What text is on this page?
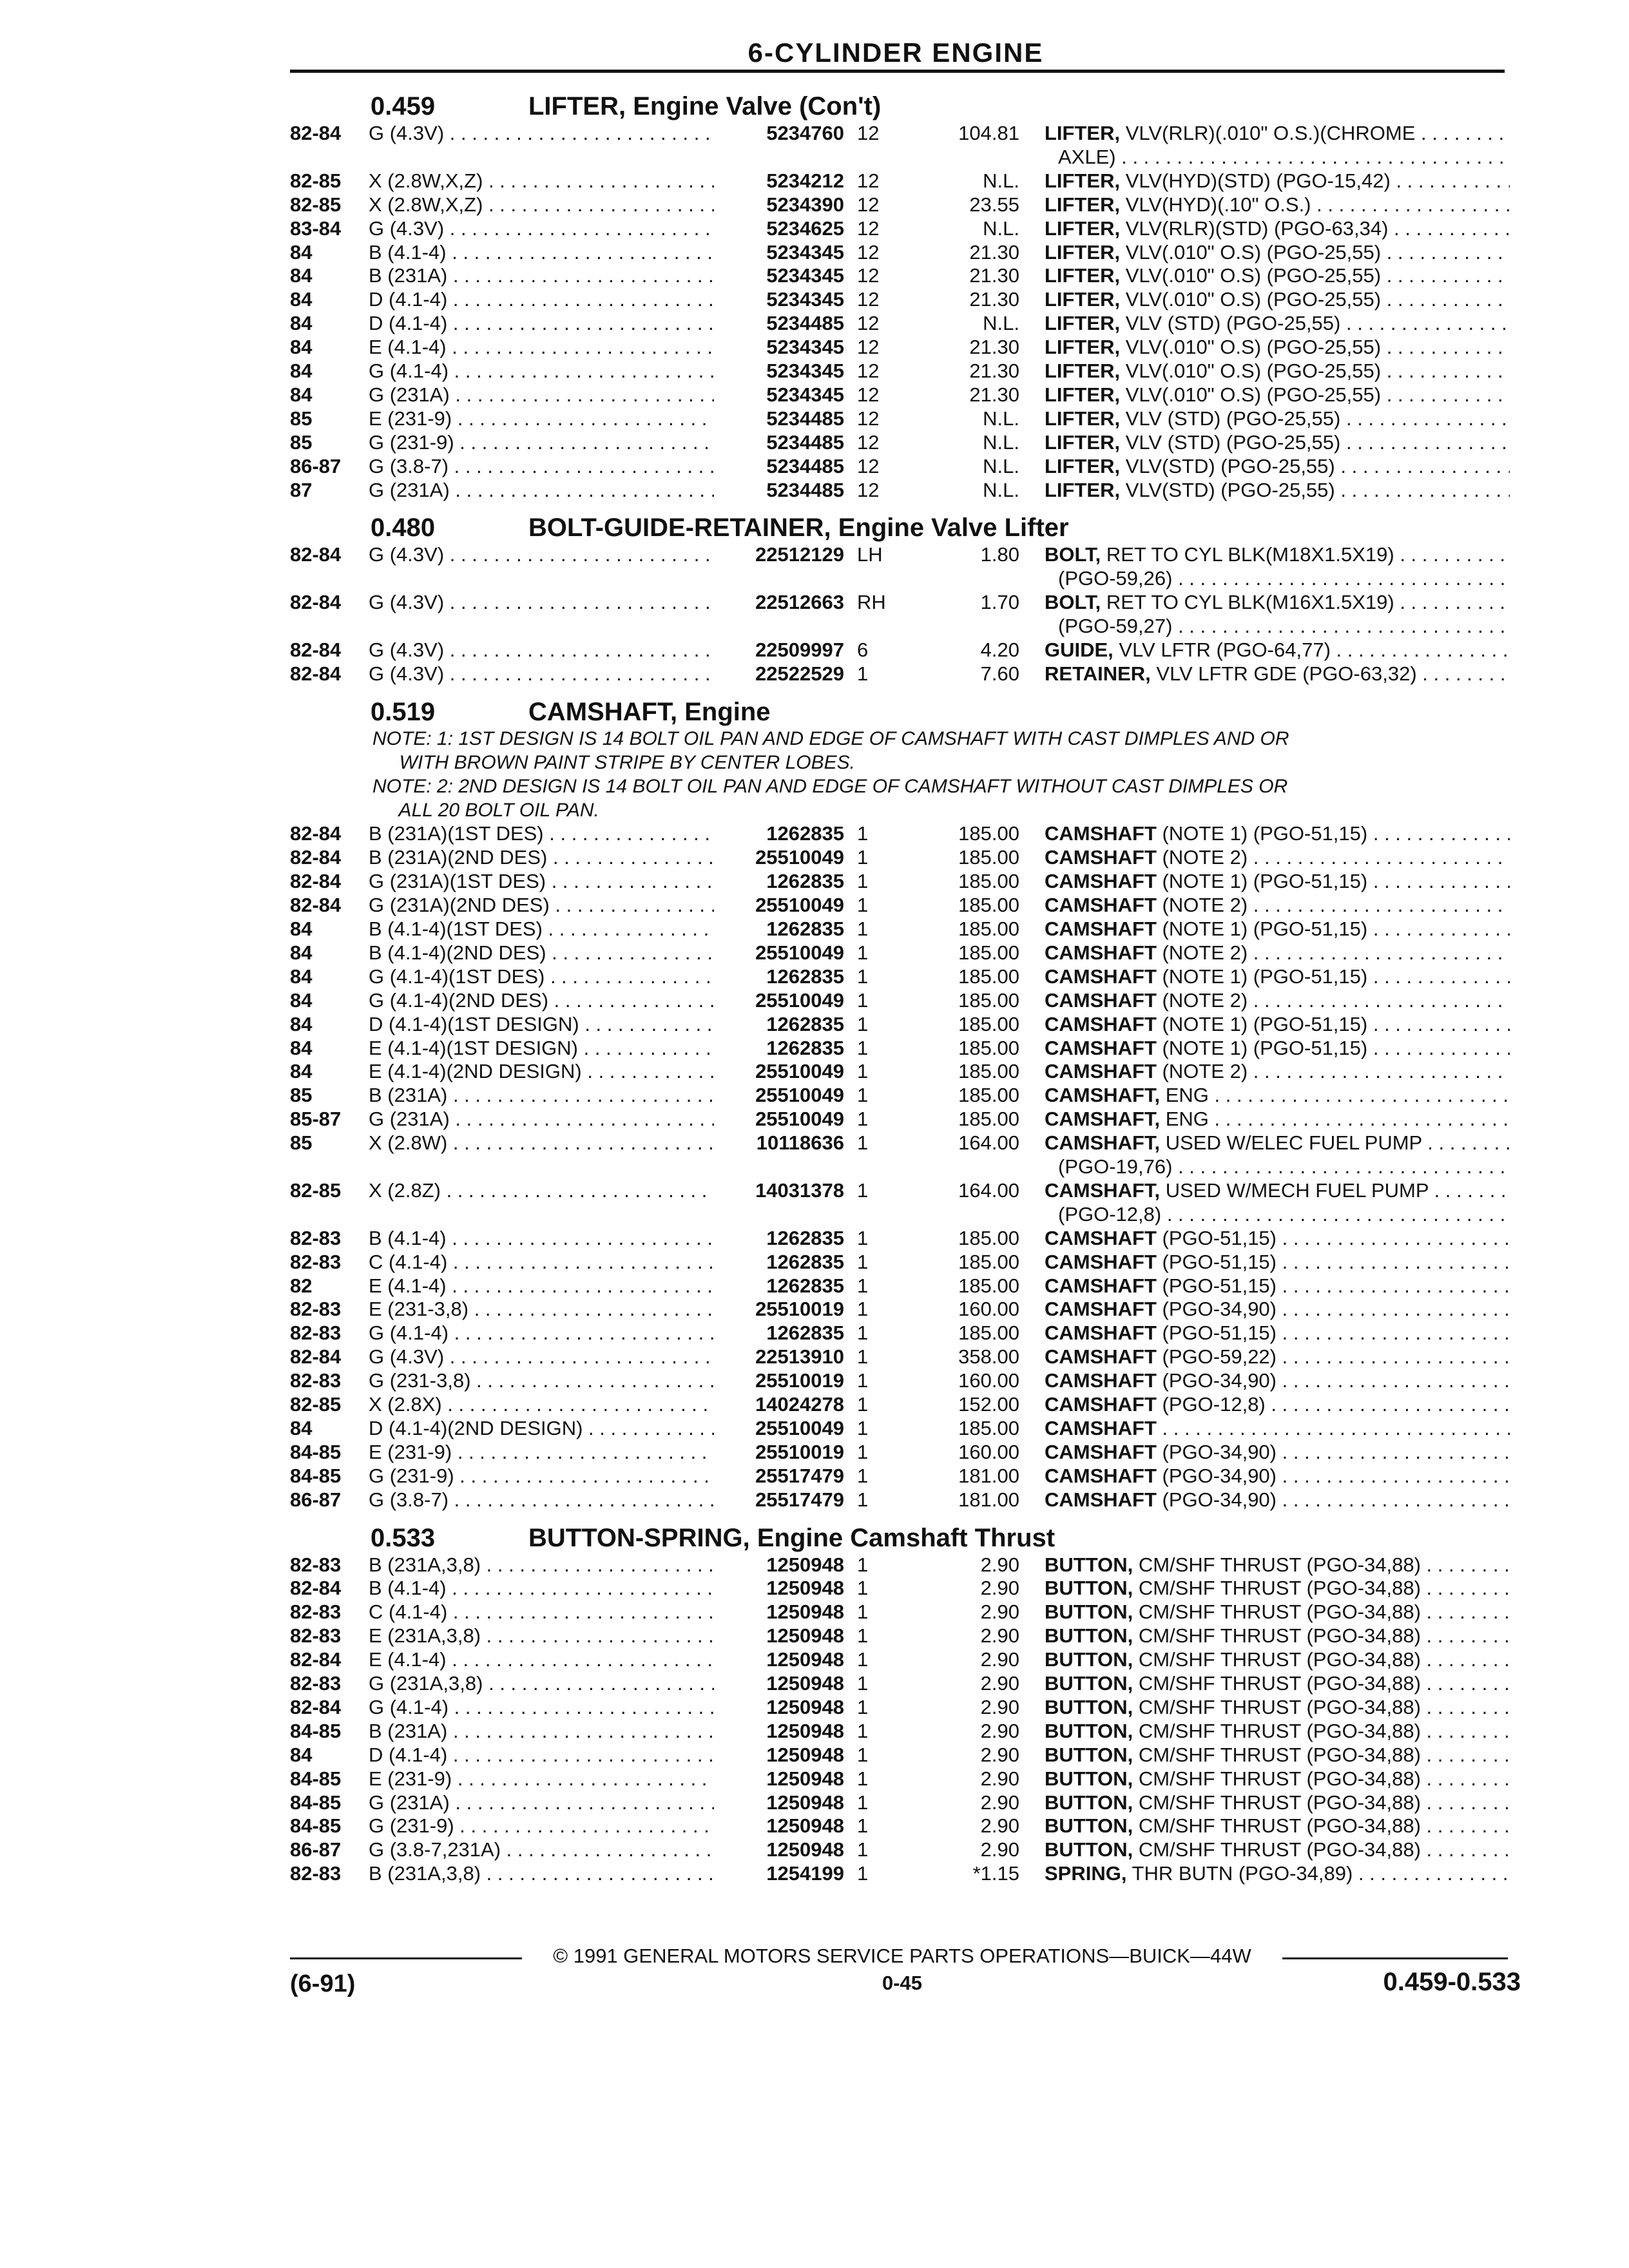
6-CYLINDER ENGINE
0.459	LIFTER, Engine Valve (Con't)
82-84 G (4.3V) . . .	5234760 12	104.81 LIFTER, VLV(RLR)(.010" O.S.)(CHROME . . .
AXLE) . . .
82-85 X (2.8W,X,Z) . . .	5234212 12	N.L. LIFTER, VLV(HYD)(STD) (PGO-15,42) . . .
82-85 X (2.8W,X,Z) . . .	5234390 12	23.55 LIFTER, VLV(HYD)(.10" O.S.) . . .
83-84 G (4.3V) . . .	5234625 12	N.L. LIFTER, VLV(RLR)(STD) (PGO-63,34) . . .
84	B (4.1-4) . . .	5234345 12	21.30 LIFTER, VLV(.010" O.S) (PGO-25,55) . . .
84	B (231A) . . .	5234345 12	21.30 LIFTER, VLV(.010" O.S) (PGO-25,55) . . .
84	D (4.1-4) . . .	5234345 12	21.30 LIFTER, VLV(.010" O.S) (PGO-25,55) . . .
84	D (4.1-4) . . .	5234485 12	N.L. LIFTER, VLV (STD) (PGO-25,55) . . .
84	E (4.1-4) . . .	5234345 12	21.30 LIFTER, VLV(.010" O.S) (PGO-25,55) . . .
84	G (4.1-4) . . .	5234345 12	21.30 LIFTER, VLV(.010" O.S) (PGO-25,55) . . .
84	G (231A) . . .	5234345 12	21.30 LIFTER, VLV(.010" O.S) (PGO-25,55) . . .
85	E (231-9) . . .	5234485 12	N.L. LIFTER, VLV (STD) (PGO-25,55) . . .
85	G (231-9) . . .	5234485 12	N.L. LIFTER, VLV (STD) (PGO-25,55) . . .
86-87 G (3.8-7) . . .	5234485 12	N.L. LIFTER, VLV(STD) (PGO-25,55) . . .
87	G (231A) . . .	5234485 12	N.L. LIFTER, VLV(STD) (PGO-25,55) . . .
0.480	BOLT-GUIDE-RETAINER, Engine Valve Lifter
82-84 G (4.3V) . . .	22512129 LH	1.80 BOLT, RET TO CYL BLK(M18X1.5X19) . . .
(PGO-59,26) . . .
82-84 G (4.3V) . . .	22512663 RH	1.70 BOLT, RET TO CYL BLK(M16X1.5X19) . . .
(PGO-59,27) . . .
82-84 G (4.3V) . . .	22509997 6	4.20 GUIDE, VLV LFTR (PGO-64,77) . . .
82-84 G (4.3V) . . .	22522529 1	7.60 RETAINER, VLV LFTR GDE (PGO-63,32) . . .
0.519	CAMSHAFT, Engine
NOTE: 1: 1ST DESIGN IS 14 BOLT OIL PAN AND EDGE OF CAMSHAFT WITH CAST DIMPLES AND OR
WITH BROWN PAINT STRIPE BY CENTER LOBES.
NOTE: 2: 2ND DESIGN IS 14 BOLT OIL PAN AND EDGE OF CAMSHAFT WITHOUT CAST DIMPLES OR
ALL 20 BOLT OIL PAN.
82-84 B (231A)(1ST DES) . . .	1262835 1	185.00 CAMSHAFT (NOTE 1) (PGO-51,15) . . .
82-84 B (231A)(2ND DES) . . .	25510049 1	185.00 CAMSHAFT (NOTE 2) . . .
82-84 G (231A)(1ST DES) . . .	1262835 1	185.00 CAMSHAFT (NOTE 1) (PGO-51,15) . . .
82-84 G (231A)(2ND DES) . . .	25510049 1	185.00 CAMSHAFT (NOTE 2) . . .
84	B (4.1-4)(1ST DES) . . .	1262835 1	185.00 CAMSHAFT (NOTE 1) (PGO-51,15) . . .
84	B (4.1-4)(2ND DES) . . .	25510049 1	185.00 CAMSHAFT (NOTE 2) . . .
84	G (4.1-4)(1ST DES) . . .	1262835 1	185.00 CAMSHAFT (NOTE 1) (PGO-51,15) . . .
84	G (4.1-4)(2ND DES) . . .	25510049 1	185.00 CAMSHAFT (NOTE 2) . . .
84	D (4.1-4)(1ST DESIGN) . . .	1262835 1	185.00 CAMSHAFT (NOTE 1) (PGO-51,15) . . .
84	E (4.1-4)(1ST DESIGN) . . .	1262835 1	185.00 CAMSHAFT (NOTE 1) (PGO-51,15) . . .
84	E (4.1-4)(2ND DESIGN) . . .	25510049 1	185.00 CAMSHAFT (NOTE 2) . . .
85	B (231A) . . .	25510049 1	185.00 CAMSHAFT, ENG . . .
85-87 G (231A) . . .	25510049 1	185.00 CAMSHAFT, ENG . . .
85	X (2.8W) . . .	10118636 1	164.00 CAMSHAFT, USED W/ELEC FUEL PUMP . . .
(PGO-19,76) . . .
82-85 X (2.8Z) . . .	14031378 1	164.00 CAMSHAFT, USED W/MECH FUEL PUMP . . .
(PGO-12,8) . . .
82-83 B (4.1-4) . . .	1262835 1	185.00 CAMSHAFT (PGO-51,15) . . .
82-83 C (4.1-4) . . .	1262835 1	185.00 CAMSHAFT (PGO-51,15) . . .
82	E (4.1-4) . . .	1262835 1	185.00 CAMSHAFT (PGO-51,15) . . .
82-83 E (231-3,8) . . .	25510019 1	160.00 CAMSHAFT (PGO-34,90) . . .
82-83 G (4.1-4) . . .	1262835 1	185.00 CAMSHAFT (PGO-51,15) . . .
82-84 G (4.3V) . . .	22513910 1	358.00 CAMSHAFT (PGO-59,22) . . .
82-83 G (231-3,8) . . .	25510019 1	160.00 CAMSHAFT (PGO-34,90) . . .
82-85 X (2.8X) . . .	14024278 1	152.00 CAMSHAFT (PGO-12,8) . . .
84	D (4.1-4)(2ND DESIGN) . . .	25510049 1	185.00 CAMSHAFT . . .
84-85 E (231-9) . . .	25510019 1	160.00 CAMSHAFT (PGO-34,90) . . .
84-85 G (231-9) . . .	25517479 1	181.00 CAMSHAFT (PGO-34,90) . . .
86-87 G (3.8-7) . . .	25517479 1	181.00 CAMSHAFT (PGO-34,90) . . .
0.533	BUTTON-SPRING, Engine Camshaft Thrust
82-83 B (231A,3,8) . . .	1250948 1	2.90 BUTTON, CM/SHF THRUST (PGO-34,88) . . .
82-84 B (4.1-4) . . .	1250948 1	2.90 BUTTON, CM/SHF THRUST (PGO-34,88) . . .
82-83 C (4.1-4) . . .	1250948 1	2.90 BUTTON, CM/SHF THRUST (PGO-34,88) . . .
82-83 E (231A,3,8) . . .	1250948 1	2.90 BUTTON, CM/SHF THRUST (PGO-34,88) . . .
82-84 E (4.1-4) . . .	1250948 1	2.90 BUTTON, CM/SHF THRUST (PGO-34,88) . . .
82-83 G (231A,3,8) . . .	1250948 1	2.90 BUTTON, CM/SHF THRUST (PGO-34,88) . . .
82-84 G (4.1-4) . . .	1250948 1	2.90 BUTTON, CM/SHF THRUST (PGO-34,88) . . .
84-85 B (231A) . . .	1250948 1	2.90 BUTTON, CM/SHF THRUST (PGO-34,88) . . .
84	D (4.1-4) . . .	1250948 1	2.90 BUTTON, CM/SHF THRUST (PGO-34,88) . . .
84-85 E (231-9) . . .	1250948 1	2.90 BUTTON, CM/SHF THRUST (PGO-34,88) . . .
84-85 G (231A) . . .	1250948 1	2.90 BUTTON, CM/SHF THRUST (PGO-34,88) . . .
84-85 G (231-9) . . .	1250948 1	2.90 BUTTON, CM/SHF THRUST (PGO-34,88) . . .
86-87 G (3.8-7,231A) . . .	1250948 1	2.90 BUTTON, CM/SHF THRUST (PGO-34,88) . . .
82-83 B (231A,3,8) . . .	1254199 1	*1.15 SPRING, THR BUTN (PGO-34,89) . . .
© 1991 GENERAL MOTORS SERVICE PARTS OPERATIONS—BUICK—44W
(6-91)	0-45	0.459-0.533
